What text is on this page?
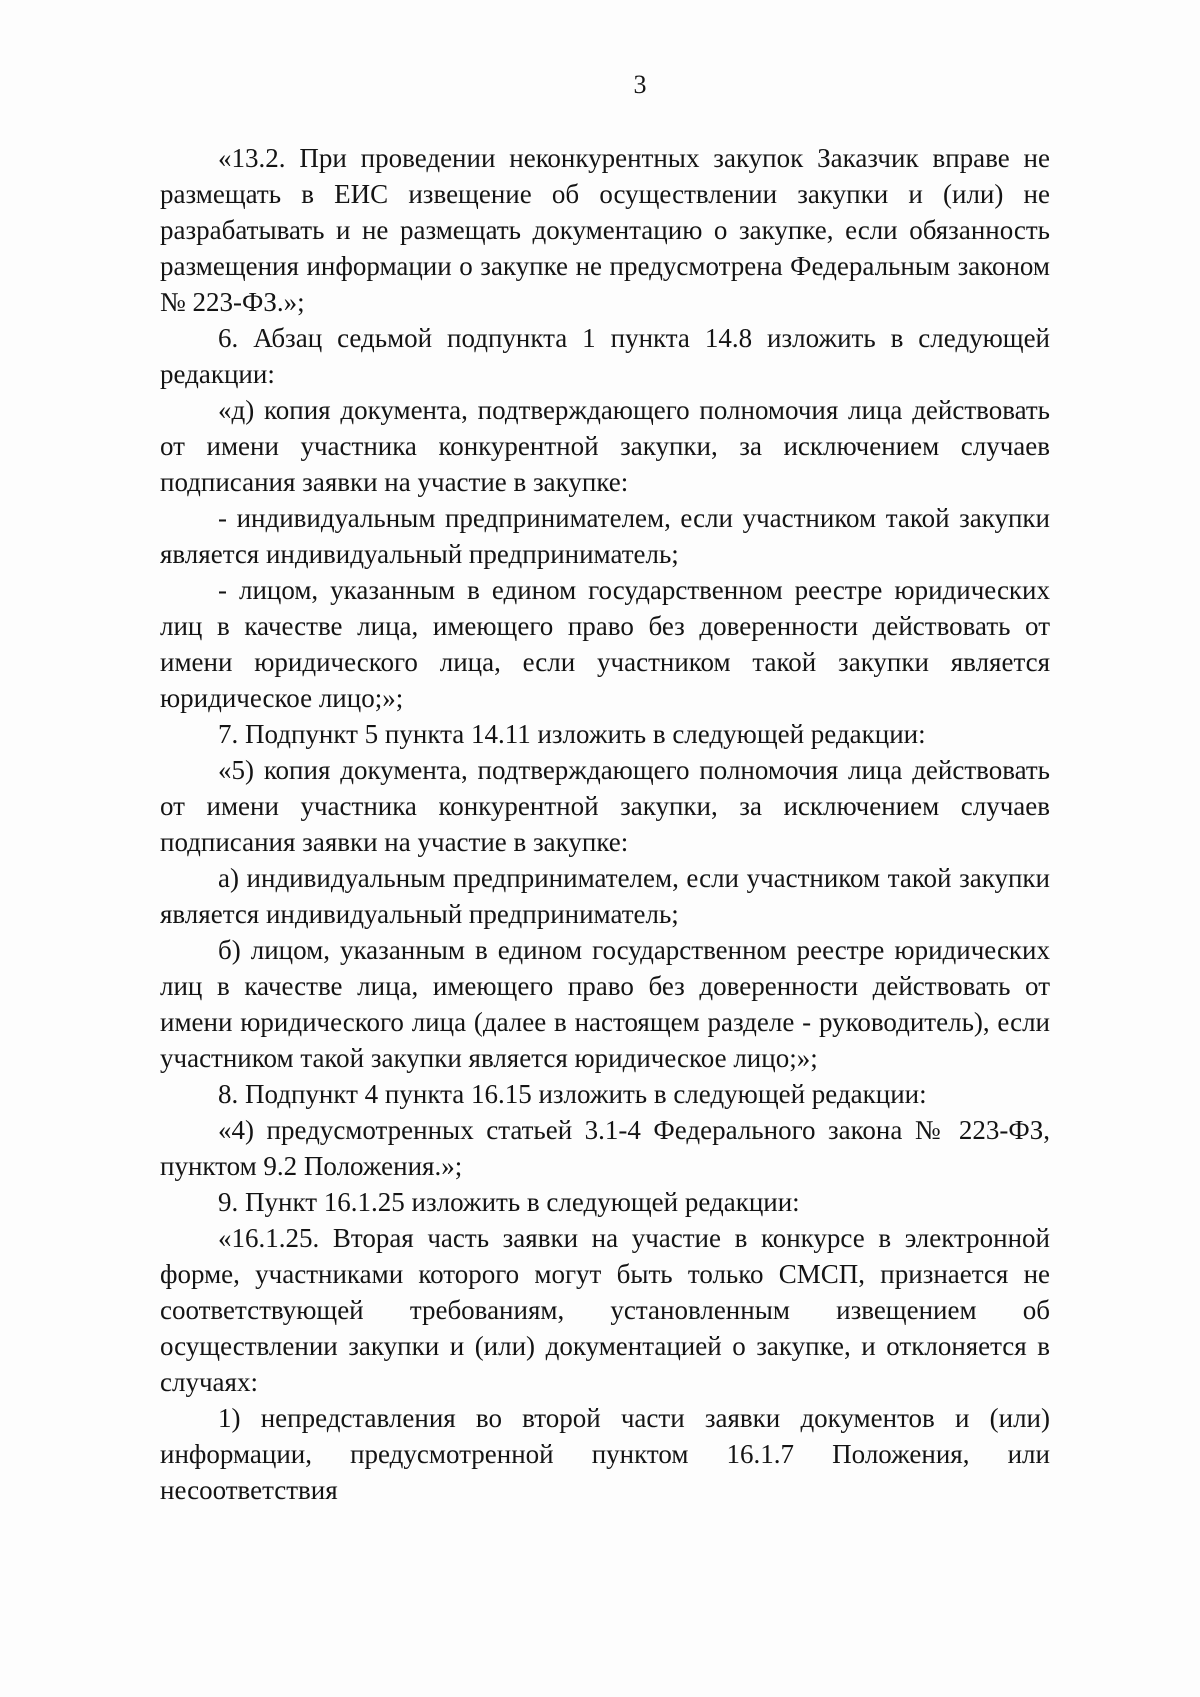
3

«13.2. При проведении неконкурентных закупок Заказчик вправе не размещать в ЕИС извещение об осуществлении закупки и (или) не разрабатывать и не размещать документацию о закупке, если обязанность размещения информации о закупке не предусмотрена Федеральным законом № 223-ФЗ.»;

6. Абзац седьмой подпункта 1 пункта 14.8 изложить в следующей редакции:

«д) копия документа, подтверждающего полномочия лица действовать от имени участника конкурентной закупки, за исключением случаев подписания заявки на участие в закупке:

- индивидуальным предпринимателем, если участником такой закупки является индивидуальный предприниматель;

- лицом, указанным в едином государственном реестре юридических лиц в качестве лица, имеющего право без доверенности действовать от имени юридического лица, если участником такой закупки является юридическое лицо;»;

7. Подпункт 5 пункта 14.11 изложить в следующей редакции:

«5) копия документа, подтверждающего полномочия лица действовать от имени участника конкурентной закупки, за исключением случаев подписания заявки на участие в закупке:

а) индивидуальным предпринимателем, если участником такой закупки является индивидуальный предприниматель;

б) лицом, указанным в едином государственном реестре юридических лиц в качестве лица, имеющего право без доверенности действовать от имени юридического лица (далее в настоящем разделе - руководитель), если участником такой закупки является юридическое лицо;»;

8. Подпункт 4 пункта 16.15 изложить в следующей редакции:

«4) предусмотренных статьей 3.1-4 Федерального закона № 223-ФЗ, пунктом 9.2 Положения.»;

9. Пункт 16.1.25 изложить в следующей редакции:

«16.1.25. Вторая часть заявки на участие в конкурсе в электронной форме, участниками которого могут быть только СМСП, признается не соответствующей требованиям, установленным извещением об осуществлении закупки и (или) документацией о закупке, и отклоняется в случаях:

1) непредставления во второй части заявки документов и (или) информации, предусмотренной пунктом 16.1.7 Положения, или несоответствия
